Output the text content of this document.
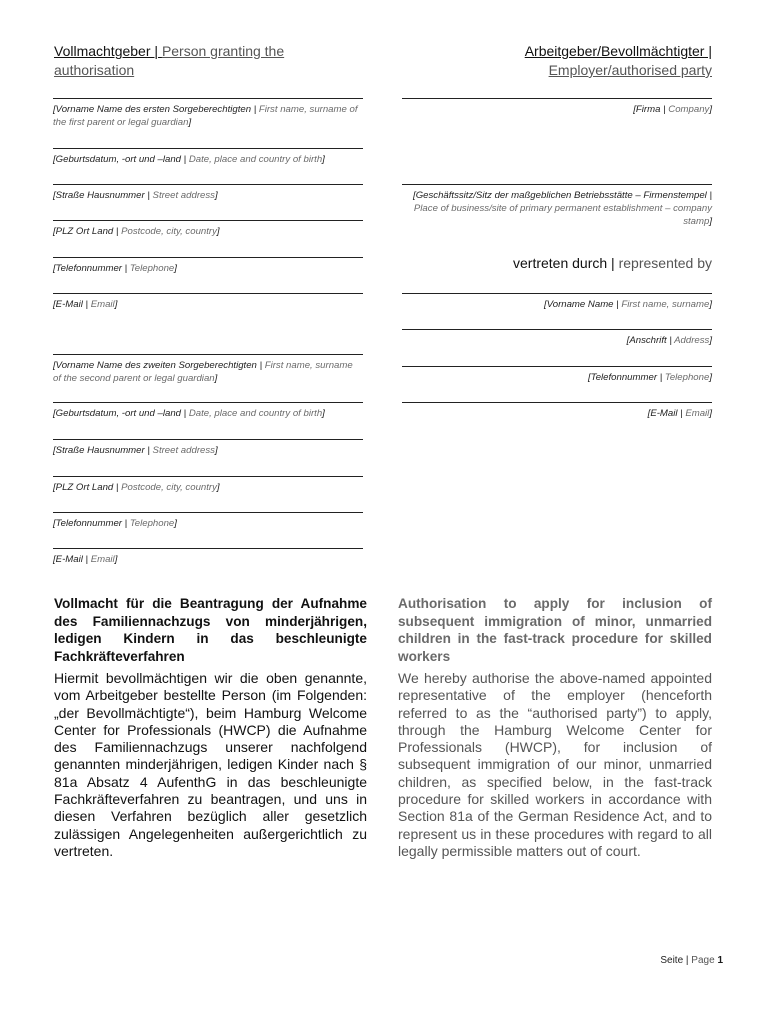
Vollmachtgeber | Person granting the authorisation
Arbeitgeber/Bevollmächtigter | Employer/authorised party
[Vorname Name des ersten Sorgeberechtigten | First name, surname of the first parent or legal guardian]
[Geburtsdatum, -ort und –land | Date, place and country of birth]
[Straße Hausnummer | Street address]
[PLZ Ort Land | Postcode, city, country]
[Telefonnummer | Telephone]
[E-Mail | Email]
[Vorname Name des zweiten Sorgeberechtigten | First name, surname of the second parent or legal guardian]
[Geburtsdatum, -ort und –land | Date, place and country of birth]
[Straße Hausnummer | Street address]
[PLZ Ort Land | Postcode, city, country]
[Telefonnummer | Telephone]
[E-Mail | Email]
[Firma | Company]
[Geschäftssitz/Sitz der maßgeblichen Betriebsstätte – Firmenstempel | Place of business/site of primary permanent establishment – company stamp]
vertreten durch | represented by
[Vorname Name | First name, surname]
[Anschrift | Address]
[Telefonnummer | Telephone]
[E-Mail | Email]
Vollmacht für die Beantragung der Aufnahme des Familiennachzugs von minderjährigen, ledigen Kindern in das beschleunigte Fachkräfteverfahren
Authorisation to apply for inclusion of subsequent immigration of minor, unmarried children in the fast-track procedure for skilled workers
Hiermit bevollmächtigen wir die oben genannte, vom Arbeitgeber bestellte Person (im Folgenden: „der Bevollmächtigte“), beim Hamburg Welcome Center for Professionals (HWCP) die Aufnahme des Familiennachzugs unserer nachfolgend genannten minderjährigen, ledigen Kinder nach § 81a Absatz 4 AufenthG in das beschleunigte Fachkräfteverfahren zu beantragen, und uns in diesen Verfahren bezüglich aller gesetzlich zulässigen Angelegenheiten außergerichtlich zu vertreten.
We hereby authorise the above-named appointed representative of the employer (henceforth referred to as the “authorised party”) to apply, through the Hamburg Welcome Center for Professionals (HWCP), for inclusion of subsequent immigration of our minor, unmarried children, as specified below, in the fast-track procedure for skilled workers in accordance with Section 81a of the German Residence Act, and to represent us in these procedures with regard to all legally permissible matters out of court.
Seite | Page 1
